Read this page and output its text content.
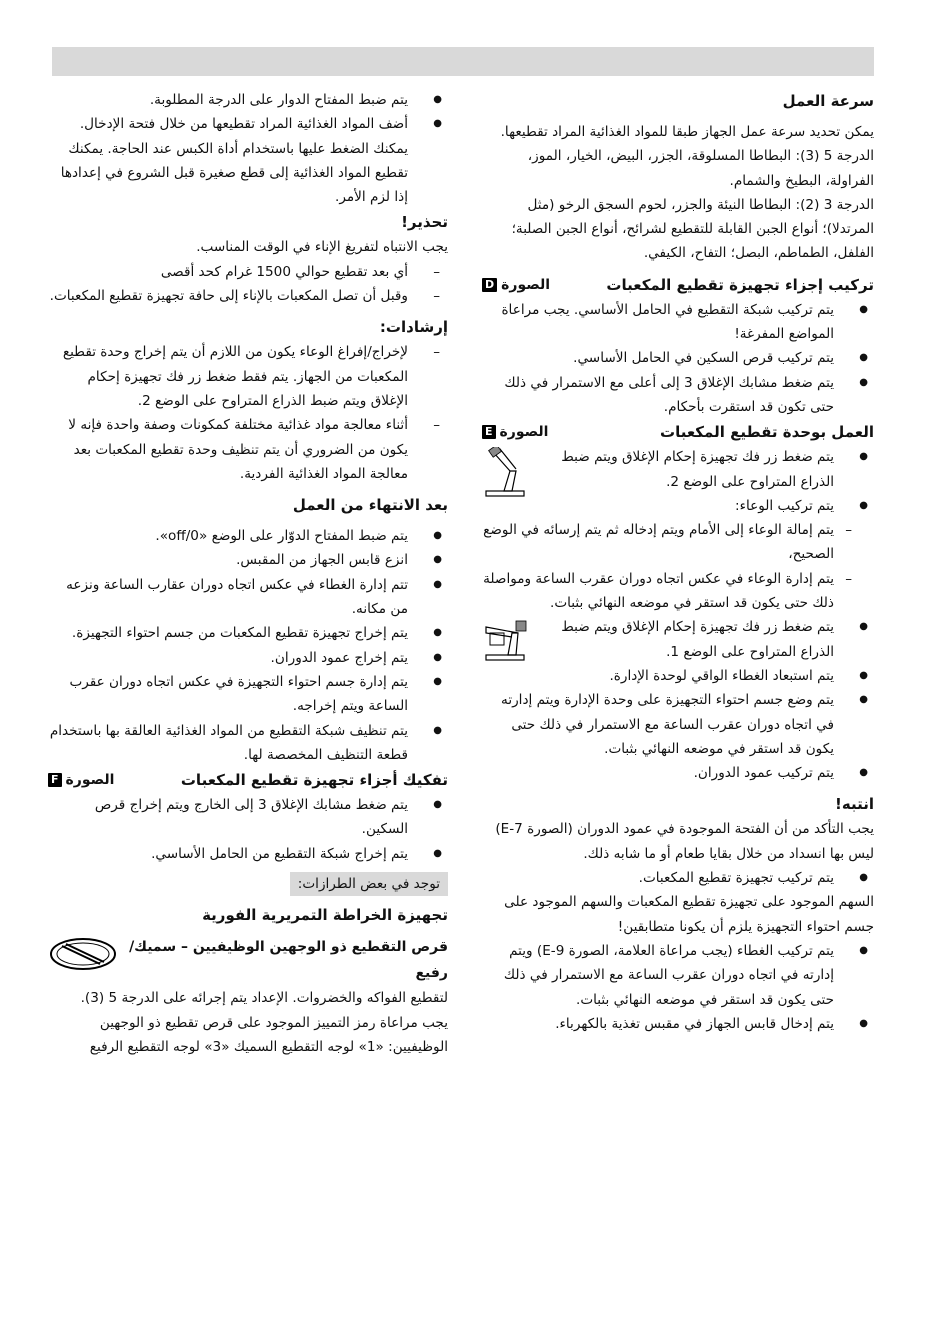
سرعة العمل

يمكن تحديد سرعة عمل الجهاز طبقا للمواد الغذائية المراد تقطيعها.

الدرجة 5 (3): البطاطا المسلوقة، الجزر، البيض، الخيار، الموز، الفراولة، البطيخ والشمام.

الدرجة 3 (2): البطاطا النيئة والجزر، لحوم السجق الرخو (مثل المرتدلا)؛ أنواع الجبن القابلة للتقطيع لشرائح، أنواع الجبن الصلبة؛ الفلفل، الطماطم، البصل؛ التفاح، الكيفي.

تركيب إجزاء تجهيزة تقطيع المكعبات
الصورة
D
● يتم تركيب شبكة التقطيع في الحامل الأساسي. يجب مراعاة المواضع المفرغة!
● يتم تركيب قرص السكين في الحامل الأساسي.
● يتم ضغط مشابك الإغلاق 3 إلى أعلى مع الاستمرار في ذلك حتى تكون قد استقرت بأحكام.
العمل بوحدة تقطيع المكعبات
الصورة
E
● يتم ضغط زر فك تجهيزة إحكام الإغلاق ويتم ضبط الذراع المتراوح على الوضع 2.
● يتم تركيب الوعاء:
– يتم إمالة الوعاء إلى الأمام ويتم إدخاله ثم يتم إرسائه في الوضع الصحيح،
– يتم إدارة الوعاء في عكس اتجاه دوران عقرب الساعة ومواصلة ذلك حتى يكون قد استقر في موضعه النهائي بثبات.
● يتم ضغط زر فك تجهيزة إحكام الإغلاق ويتم ضبط الذراع المتراوح على الوضع 1.
● يتم استبعاد الغطاء الواقي لوحدة الإدارة.
● يتم وضع جسم احتواء التجهيزة على وحدة الإدارة ويتم إدارته في اتجاه دوران عقرب الساعة مع الاستمرار في ذلك حتى يكون قد استقر في موضعه النهائي بثبات.
● يتم تركيب عمود الدوران.

انتبه!

يجب التأكد من أن الفتحة الموجودة في عمود الدوران (الصورة 7-E) ليس بها انسداد من خلال بقايا طعام أو ما شابه ذلك.

● يتم تركيب تجهيزة تقطيع المكعبات.

السهم الموجود على تجهيزة تقطيع المكعبات والسهم الموجود على جسم احتواء التجهيزة يلزم أن يكونا متطابقين!

● يتم تركيب الغطاء (يجب مراعاة العلامة، الصورة 9-E) ويتم إدارته في اتجاه دوران عقرب الساعة مع الاستمرار في ذلك حتى يكون قد استقر في موضعه النهائي بثبات.
● يتم إدخال قابس الجهاز في مقبس تغذية بالكهرباء.
● يتم ضبط المفتاح الدوار على الدرجة المطلوبة.
● أضف المواد الغذائية المراد تقطيعها من خلال فتحة الإدخال. يمكنك الضغط عليها باستخدام أداة الكبس عند الحاجة. يمكنك تقطيع المواد الغذائية إلى قطع صغيرة قبل الشروع في إعدادها إذا لزم الأمر.

تحذير!

يجب الانتباه لتفريغ الإناء في الوقت المناسب.

– أي بعد تقطيع حوالي 1500 غرام كحد أقصى
– وقبل أن تصل المكعبات بالإناء إلى حافة تجهيزة تقطيع المكعبات.

إرشادات:

– لإخراج/إفراغ الوعاء يكون من اللازم أن يتم إخراج وحدة تقطيع المكعبات من الجهاز. يتم فقط ضغط زر فك تجهيزة إحكام الإغلاق ويتم ضبط الذراع المتراوح على الوضع 2.
– أثناء معالجة مواد غذائية مختلفة كمكونات وصفة واحدة فإنه لا يكون من الضروري أن يتم تنظيف وحدة تقطيع المكعبات بعد معالجة المواد الغذائية الفردية.

بعد الانتهاء من العمل

● يتم ضبط المفتاح الدوّار على الوضع «off/0».
● انزع قابس الجهاز من المقبس.
● تتم إدارة الغطاء في عكس اتجاه دوران عقارب الساعة ونزعه من مكانه.
● يتم إخراج تجهيزة تقطيع المكعبات من جسم احتواء التجهيزة.
● يتم إخراج عمود الدوران.
● يتم إدارة جسم احتواء التجهيزة في عكس اتجاه دوران عقرب الساعة ويتم إخراجه.
● يتم تنظيف شبكة التقطيع من المواد الغذائية العالقة بها باستخدام قطعة التنظيف المخصصة لها.
تفكيك أجزاء تجهيزة تقطيع المكعبات
الصورة
F
● يتم ضغط مشابك الإغلاق 3 إلى الخارج ويتم إخراج قرص السكين.
● يتم إخراج شبكة التقطيع من الحامل الأساسي.
توجد في بعض الطرازات:

تجهيزة الخراطة التمريرية الفورية

قرص التقطيع ذو الوجهين الوظيفيين – سميك/رفيع

لتقطيع الفواكه والخضروات. الإعداد يتم إجرائه على الدرجة 5 (3).

يجب مراعاة رمز التمييز الموجود على قرص تقطيع ذو الوجهين الوظيفيين: «1» لوجه التقطيع السميك «3» لوجه التقطيع الرفيع
